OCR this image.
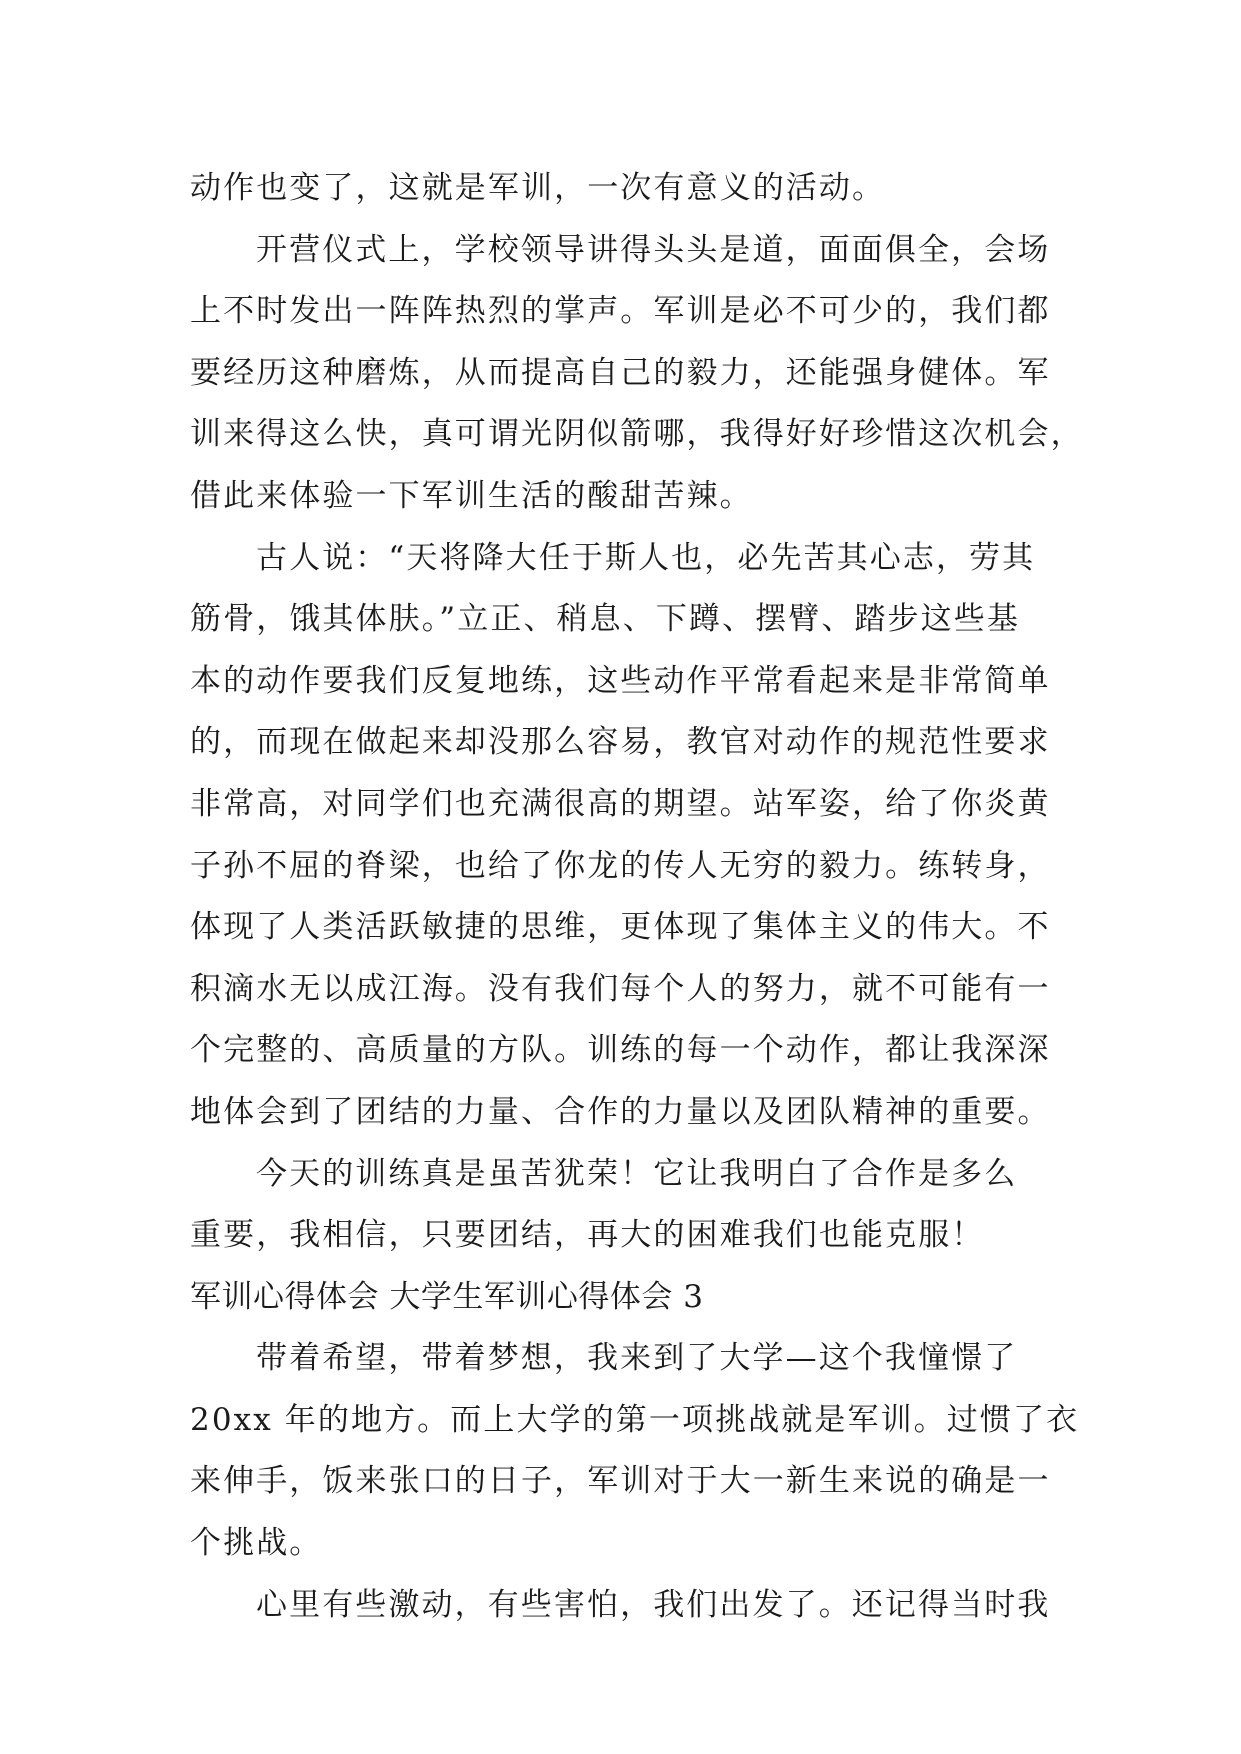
动作也变了，这就是军训，一次有意义的活动。
开营仪式上，学校领导讲得头头是道，面面俱全，会场
上不时发出一阵阵热烈的掌声。军训是必不可少的，我们都
要经历这种磨炼，从而提高自己的毅力，还能强身健体。军
训来得这么快，真可谓光阴似箭哪，我得好好珍惜这次机会，
借此来体验一下军训生活的酸甜苦辣。
古人说：“天将降大任于斯人也，必先苦其心志，劳其
筋骨，饿其体肤。”立正、稍息、下蹲、摆臂、踏步这些基
本的动作要我们反复地练，这些动作平常看起来是非常简单
的，而现在做起来却没那么容易，教官对动作的规范性要求
非常高，对同学们也充满很高的期望。站军姿，给了你炎黄
子孙不屈的脊梁，也给了你龙的传人无穷的毅力。练转身，
体现了人类活跃敏捷的思维，更体现了集体主义的伟大。不
积滴水无以成江海。没有我们每个人的努力，就不可能有一
个完整的、高质量的方队。训练的每一个动作，都让我深深
地体会到了团结的力量、合作的力量以及团队精神的重要。
今天的训练真是虽苦犹荣！它让我明白了合作是多么
重要，我相信，只要团结，再大的困难我们也能克服！
军训心得体会 大学生军训心得体会 3
带着希望，带着梦想，我来到了大学—这个我憧憬了
20xx 年的地方。而上大学的第一项挑战就是军训。过惯了衣
来伸手，饭来张口的日子，军训对于大一新生来说的确是一
个挑战。
心里有些激动，有些害怕，我们出发了。还记得当时我
